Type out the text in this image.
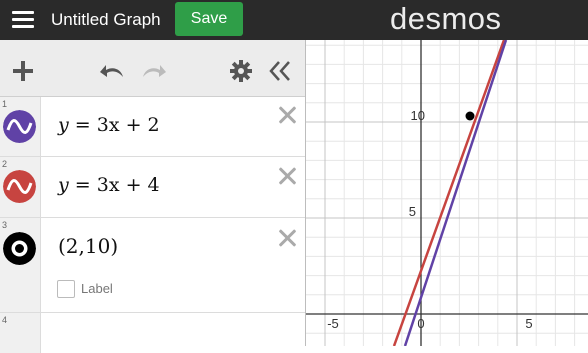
Untitled Graph	Save	desmos
1
y = 3x + 2
2
y = 3x + 4
3
(2,10)
Label
4	-5	0	5
5
10
